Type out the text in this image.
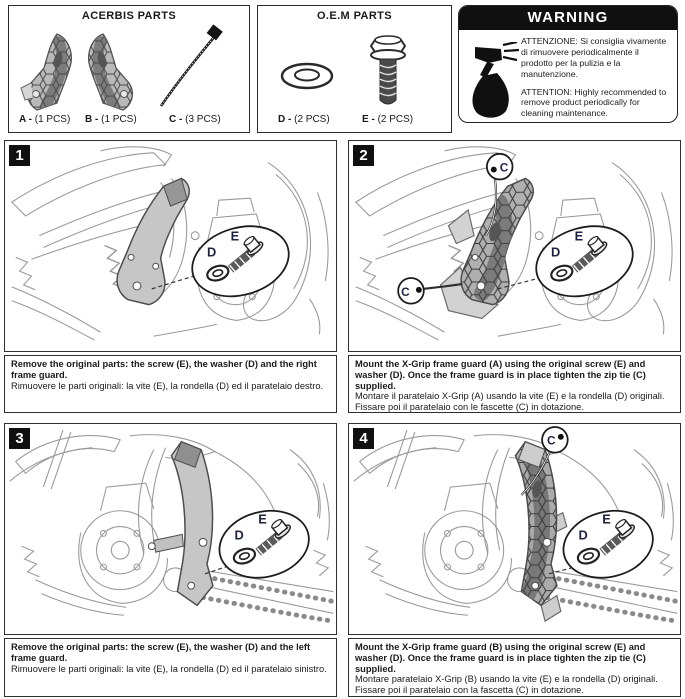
ACERBIS PARTS
A - (1 PCS) B - (1 PCS)	C - (3 PCS)
O.E.M PARTS
D - (2 PCS)	E - (2 PCS)
WARNING

ATTENZIONE: Si consiglia vivamente di rimuovere periodicalmente il prodotto per la pulizia e la manutenzione.

ATTENTION: Highly recommended to remove product periodically for cleaning maintenance.

1
D
E
Remove the original parts: the screw (E), the washer (D) and the right frame guard.
Rimuovere le parti originali: la vite (E), la rondella (D) ed il paratelaio destro.
2
C
C
D
E
Mount the X-Grip frame guard (A) using the original screw (E) and washer (D). Once the frame guard is in place tighten the zip tie (C) supplied.
Montare il paratelaio X-Grip (A) usando la vite (E) e la rondella (D) originali. Fissare poi il paratelaio con le fascette (C) in dotazione.
3
D
E
Remove the original parts: the screw (E), the washer (D) and the left frame guard.
Rimuovere le parti originali: la vite (E), la rondella (D) ed il paratelaio sinistro.
4	C
D
E
Mount the X-Grip frame guard (B) using the original screw (E) and washer (D). Once the frame guard is in place tighten the zip tie (C) supplied.
Montare paratelaio X-Grip (B) usando la vite (E) e la rondella (D) originali. Fissare poi il paratelaio con la fascetta (C) in dotazione.
